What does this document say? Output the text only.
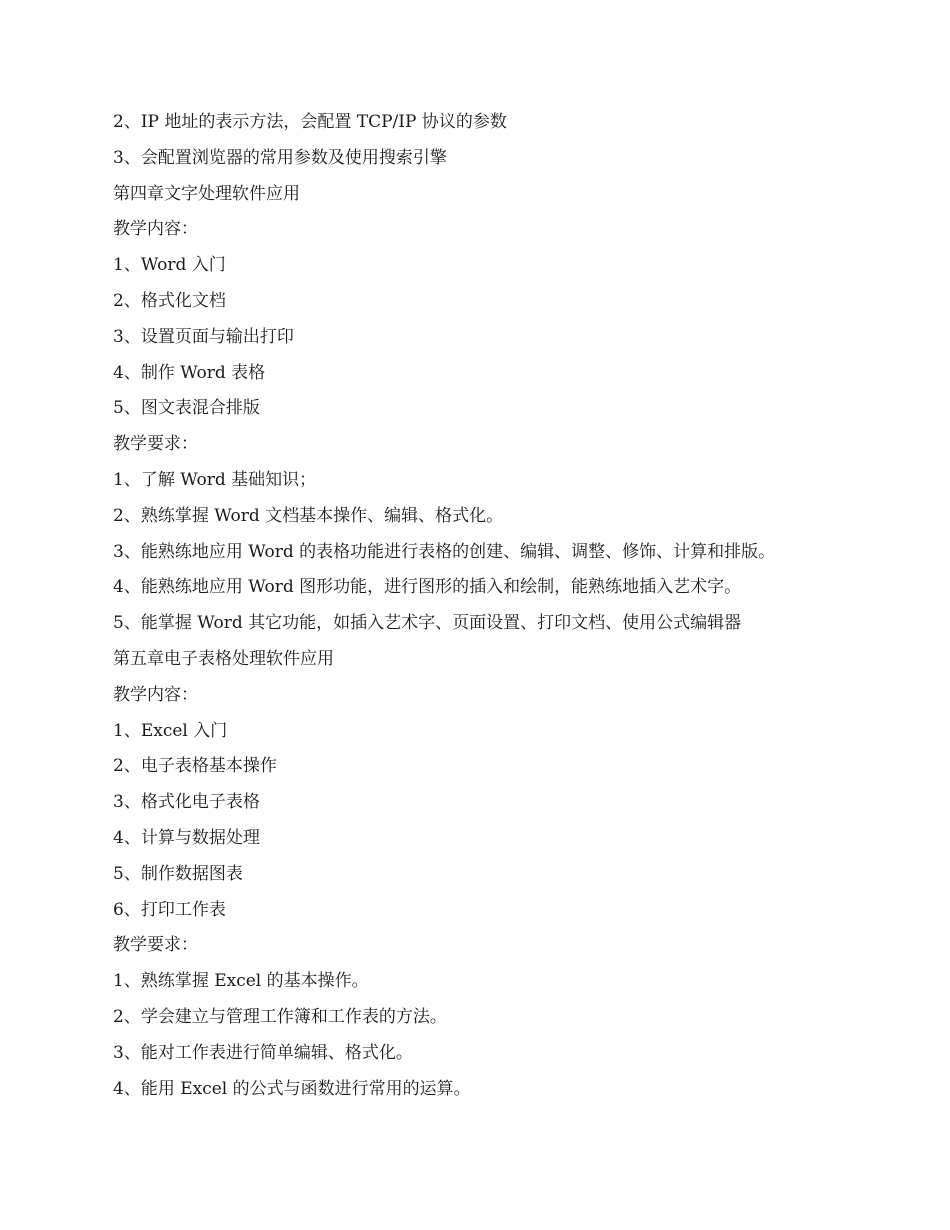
2、IP 地址的表示方法，会配置 TCP/IP 协议的参数
3、会配置浏览器的常用参数及使用搜索引擎
第四章文字处理软件应用
教学内容：
1、Word 入门
2、格式化文档
3、设置页面与输出打印
4、制作 Word 表格
5、图文表混合排版
教学要求：
1、了解 Word 基础知识；
2、熟练掌握 Word 文档基本操作、编辑、格式化。
3、能熟练地应用 Word 的表格功能进行表格的创建、编辑、调整、修饰、计算和排版。
4、能熟练地应用 Word 图形功能，进行图形的插入和绘制，能熟练地插入艺术字。
5、能掌握 Word 其它功能，如插入艺术字、页面设置、打印文档、使用公式编辑器
第五章电子表格处理软件应用
教学内容：
1、Excel 入门
2、电子表格基本操作
3、格式化电子表格
4、计算与数据处理
5、制作数据图表
6、打印工作表
教学要求：
1、熟练掌握 Excel 的基本操作。
2、学会建立与管理工作簿和工作表的方法。
3、能对工作表进行简单编辑、格式化。
4、能用 Excel 的公式与函数进行常用的运算。
